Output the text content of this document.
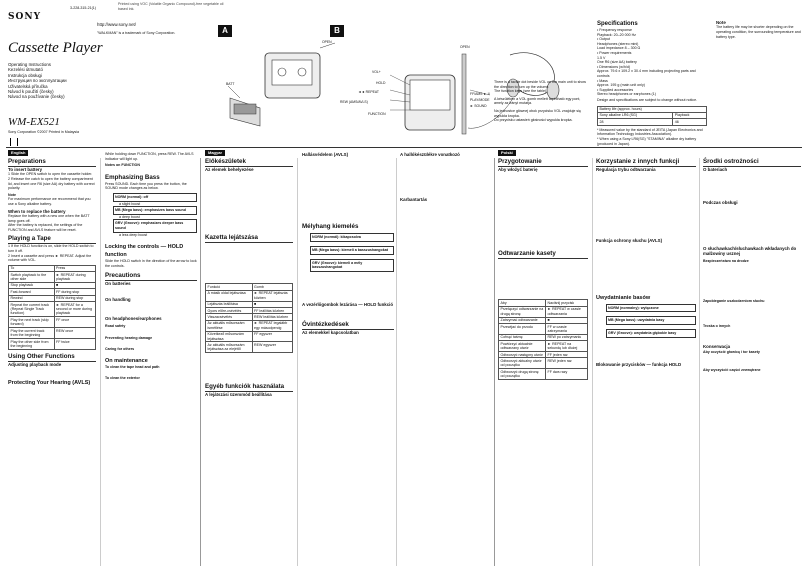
3-228-315-21(1)
Printed using VOC (Volatile Organic Compound)-free vegetable oil based ink.
SONY
http://www.sony.net/
"WALKMAN" is a trademark of Sony Corporation.
Cassette Player
Operating Instructions
Kezelési útmutató
Instrukcja obsługi
Инструкция по эксплуатации
Uživatelská příručka
Návod k použití (česky)
Návod na používanie (česky)
WM-EX521
Sony Corporation ©2007 Printed in Malaysia
A
OPEN
BATT
B
OPEN
VOL+
HOLD
◄◄ REPEAT
REW (AMS/AVLS)
FUNCTION
FF/AMS ► II
PLAY/MODE
► SOUND
There is a tactile dot beside VOL on the main unit to show the direction to turn up the volume.
The function keys (see the table).
A készüléken a VOL gomb mellett tapintható egy pont, amely az irányt mutatja.
Na jednostce głównej obok przycisku VOL znajduje się wypukła kropka.
Do przycisku ustawień głośności wypukła kropka.
Specifications
• Frequency response
Playback: 20–20 000 Hz
• Output
Headphones (stereo mini)
Load impedance 8 – 300 Ω
• Power requirements
1.5 V
One R6 (size AA) battery
• Dimensions (w/h/d)
Approx. 79.6 x 109.2 x 30.4 mm including projecting parts and controls
• Mass
Approx. 195 g (main unit only)
• Supplied accessories
Stereo headphones or earphones (1)
Design and specifications are subject to change without notice.
Battery life (approx. hours)	
Sony alkaline LR6 (SG)	Playback
28	46
* Measured value by the standard of JEITA (Japan Electronics and Information Technology Industries Association).
* When using a Sony LR6(SG) "STAMINA" alkaline dry battery (produced in Japan).
Note
The battery life may be shorter depending on the operating condition, the surrounding temperature and battery type.
English
Preparations
To insert battery
1 Slide the OPEN switch to open the cassette holder.
2 Release the catch to open the battery compartment lid, and insert one R6 (size AA) dry battery with correct polarity.
Note
For maximum performance we recommend that you use a Sony alkaline battery.
When to replace the battery
Replace the battery with a new one when the BATT lamp goes off.
After the battery is replaced, the settings of the FUNCTION and AVLS feature will be reset.
Playing a Tape
1 If the HOLD function is on, slide the HOLD switch to turn it off.
2 Insert a cassette and press ► REPEAT. Adjust the volume with VOL.
To	Press
Switch playback to the other side	► REPEAT during playback
Stop playback	■
Fast-forward	FF during stop
Rewind	REW during stop
Repeat the current track (Repeat Single Track function)	► REPEAT for a second or more during playback
Play the next track (skip forward)	FF once
Play the current track from the beginning	REW once
Play the other side from the beginning	FF twice
Using Other Functions
Adjusting playback mode
Protecting Your Hearing (AVLS)
While holding down FUNCTION, press REW. The AVLS indicator will light up.
Notes on FUNCTION
Emphasizing Bass
Press SOUND. Each time you press the button, the SOUND mode changes as below.
NORM (normal): off
a slight boost
MB (Mega bass): emphasizes bass sound
a deep boost
GRV (Groove): emphasizes deeper bass sound
a less deep boost
Locking the controls — HOLD function
Slide the HOLD switch in the direction of the arrow to lock the controls.
Precautions
On batteries
On handling
On headphones/earphones
Road safety
Preventing hearing damage
Caring for others
On maintenance
To clean the tape head and path
To clean the exterior
Magyar
Előkészületek
Az elemek behelyezése
Kazetta lejátszása
Funkció	Gomb
A másik oldal lejátszása	► REPEAT lejátszás közben
Lejátszás leállítása	■
Gyors előre-csévélés	FF leállítás közben
Visszacsévélés	REW leállítás közben
Az aktuális műsorszám ismétlése	► REPEAT legalább egy másodpercig
Következő műsorszám lejátszása	FF egyszer
Az aktuális műsorszám lejátszása az elejétől	REW egyszer
Egyéb funkciók használata
A lejátszási üzemmód beállítása
Hallásvédelem (AVLS)
Mélyhang kiemelés
NORM (normál): kikapcsolva
MB (Mega bass): kiemeli a basszushangokat
GRV (Groove): kiemeli a mély basszushangokat
A vezérlőgombok lezárása — HOLD funkció
Óvintézkedések
Az elemekkel kapcsolatban
A hallókészülékre vonatkozó
Karbantartás
Polski
Przygotowanie
Aby włożyć baterię
Odtwarzanie kasety
Aby	Naciśnij przycisk
Przełączyć odtwarzanie na drugą stronę	► REPEAT w czasie odtwarzania
Zatrzymać odtwarzanie	■
Przewijać do przodu	FF w czasie zatrzymania
Cofnąć taśmę	REW po zatrzymaniu
Powtórzyć aktualnie odtwarzany utwór	► REPEAT na sekundę lub dłużej
Odtworzyć następny utwór	FF jeden raz
Odtworzyć aktualny utwór od początku	REW jeden raz
Odtworzyć drugą stronę od początku	FF dwa razy
Korzystanie z innych funkcji
Regulacja trybu odtwarzania
Funkcja ochrony słuchu (AVLS)
Uwydatnianie basów
NORM (normalny): wyłączone
MB (Mega bass): uwydatnia basy
GRV (Groove): uwydatnia głębokie basy
Blokowanie przycisków — funkcja HOLD
Środki ostrożności
O bateriach
Podczas obsługi
O słuchawkach/słuchawkach wkładanych do małżowiny usznej
Bezpieczeństwo na drodze
Zapobieganie uszkodzeniom słuchu
Troska o innych
Konserwacja
Aby oczyścić głowicę i tor kasety
Aby wyczyścić części zewnętrzne
